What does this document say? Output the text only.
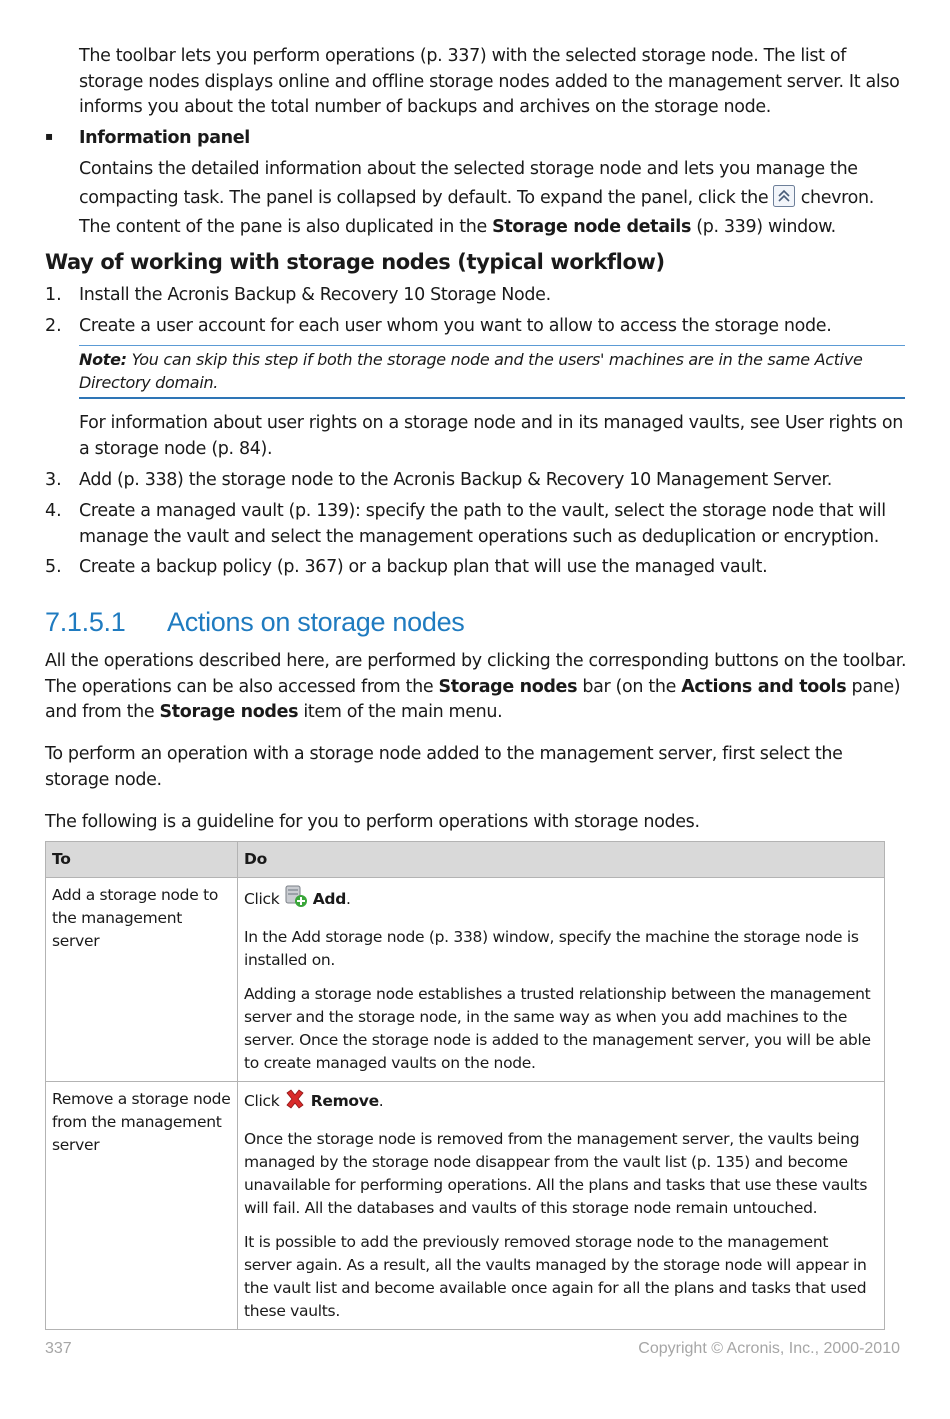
The toolbar lets you perform operations (p. 337) with the selected storage node. The list of storage nodes displays online and offline storage nodes added to the management server. It also informs you about the total number of backups and archives on the storage node.

▪ Information panel

Contains the detailed information about the selected storage node and lets you manage the

compacting task. The panel is collapsed by default. To expand the panel, click the chevron.

The content of the pane is also duplicated in the Storage node details (p. 339) window.

Way of working with storage nodes (typical workflow)
1. Install the Acronis Backup & Recovery 10 Storage Node.

2. Create a user account for each user whom you want to allow to access the storage node.

Note: You can skip this step if both the storage node and the users' machines are in the same Active Directory domain.

For information about user rights on a storage node and in its managed vaults, see User rights on a storage node (p. 84).

3. Add (p. 338) the storage node to the Acronis Backup & Recovery 10 Management Server.

4. Create a managed vault (p. 139): specify the path to the vault, select the storage node that will manage the vault and select the management operations such as deduplication or encryption.

5. Create a backup policy (p. 367) or a backup plan that will use the managed vault.

7.1.5.1 Actions on storage nodes

All the operations described here, are performed by clicking the corresponding buttons on the toolbar. The operations can be also accessed from the Storage nodes bar (on the Actions and tools pane) and from the Storage nodes item of the main menu.

To perform an operation with a storage node added to the management server, first select the storage node.

The following is a guideline for you to perform operations with storage nodes.

To	Do
Add a storage node to the management server	Click Add.

In the Add storage node (p. 338) window, specify the machine the storage node is installed on.

Adding a storage node establishes a trusted relationship between the management server and the storage node, in the same way as when you add machines to the server. Once the storage node is added to the management server, you will be able to create managed vaults on the node.

Remove a storage node from the management server	Click Remove.

Once the storage node is removed from the management server, the vaults being managed by the storage node disappear from the vault list (p. 135) and become unavailable for performing operations. All the plans and tasks that use these vaults will fail. All the databases and vaults of this storage node remain untouched.

It is possible to add the previously removed storage node to the management server again. As a result, all the vaults managed by the storage node will appear in the vault list and become available once again for all the plans and tasks that used these vaults.

337	Copyright © Acronis, Inc., 2000-2010
